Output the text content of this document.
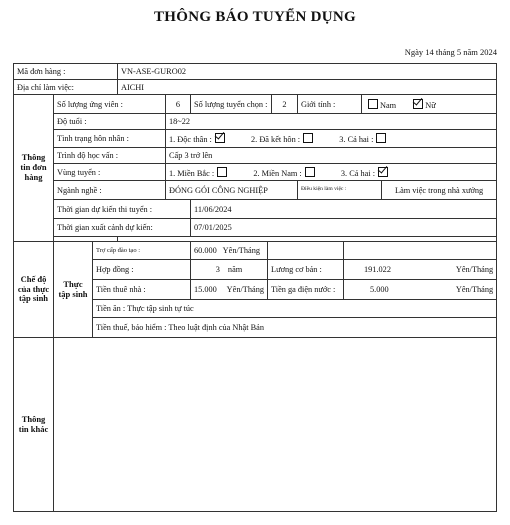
THÔNG BÁO TUYỂN DỤNG
Ngày 14 tháng 5 năm 2024
Mã đơn hàng :			VN-ASE-GURO02								
Địa chỉ làm việc:			AICHI								
Thông tin đơn hàng	Số lượng ứng viên :			6	Số lượng tuyển chọn :		2	Giới tính :		Nam Nữ	
	Độ tuổi :			18~22							
	Tình trạng hôn nhân :			1. Độc thân : 2. Đã kết hôn : 3. Cả hai :							
	Trình độ học vấn :			Cấp 3 trở lên							
	Vùng tuyển :			1. Miền Bắc : 2. Miền Nam : 3. Cả hai :							
	Ngành nghề :			ĐÓNG GÓI CÔNG NGHIỆP				Điều kiện làm việc :			Làm việc trong nhà xưởng
	Thời gian dự kiến thi tuyển :				11/06/2024						
	Thời gian xuất cảnh dự kiến:				07/01/2025						

Chế độ của thực tập sinh	Thực tập sinh	Trợ cấp đào tạo :			60.000 Yên/Tháng						

		Hợp đồng :			3 năm	Lương cơ bản :			191.022 Yên/Tháng		

		Tiền thuê nhà :			15.000 Yên/Tháng	Tiền ga điện nước :			5.000 Yên/Tháng		

		Tiền ăn : Thực tập sinh tự túc									
		Tiền thuế, bảo hiểm : Theo luật định của Nhật Bản									
Thông tin khác											
